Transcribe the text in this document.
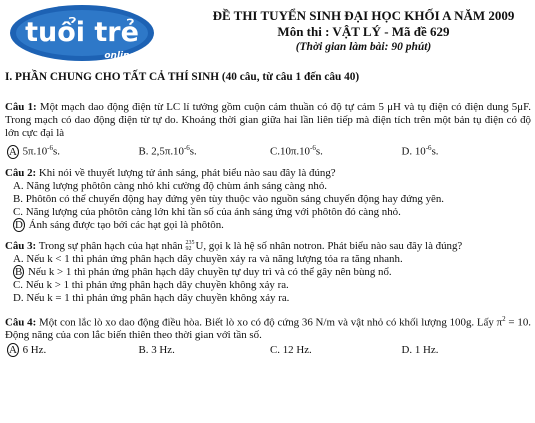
tuổi trẻ
online
ĐỀ THI TUYỂN SINH ĐẠI HỌC KHỐI A NĂM 2009
Môn thi : VẬT LÝ - Mã đề 629
(Thời gian làm bài: 90 phút)
I. PHẦN CHUNG CHO TẤT CẢ THÍ SINH (40 câu, từ câu 1 đến câu 40)
Câu 1: Một mạch dao động điện từ LC lí tưởng gồm cuộn cảm thuần có độ tự cảm 5 μH và tụ điện có điện dung 5μF. Trong mạch có dao động điện từ tự do. Khoảng thời gian giữa hai lần liên tiếp mà điện tích trên một bản tụ điện có độ lớn cực đại là
A $5\pi.10^{-6}s$.	B. $2,5\pi.10^{-6}s$.	$C.10\pi.10^{-6}s$.	D. $10^{-6}s$.
Câu 2: Khi nói về thuyết lượng tử ánh sáng, phát biểu nào sau đây là đúng?
A. Năng lượng phôtôn càng nhỏ khi cường độ chùm ánh sáng càng nhỏ.
B. Phôtôn có thể chuyển động hay đứng yên tùy thuộc vào nguồn sáng chuyển động hay đứng yên.
C. Năng lượng của phôtôn càng lớn khi tần số của ánh sáng ứng với phôtôn đó càng nhỏ.
D Ánh sáng được tạo bởi các hạt gọi là phôtôn.
Câu 3: Trong sự phân hạch của hạt nhân 235
92 U, gọi k là hệ số nhân notron. Phát biểu nào sau đây là đúng?
A. Nếu k < 1 thì phản ứng phân hạch dây chuyền xảy ra và năng lượng tỏa ra tăng nhanh.
B Nếu k > 1 thì phản ứng phân hạch dây chuyền tự duy trì và có thể gây nên bùng nổ.
C. Nếu k > 1 thì phản ứng phân hạch dây chuyền không xảy ra.
D. Nếu k = 1 thì phản ứng phân hạch dây chuyền không xảy ra.
Câu 4: Một con lắc lò xo dao động điều hòa. Biết lò xo có độ cứng 36 N/m và vật nhỏ có khối lượng 100g. Lấy $\pi^2 = 10$. Động năng của con lắc biến thiên theo thời gian với tần số.
A 6 Hz.	B. 3 Hz.	C. 12 Hz.	D. 1 Hz.
